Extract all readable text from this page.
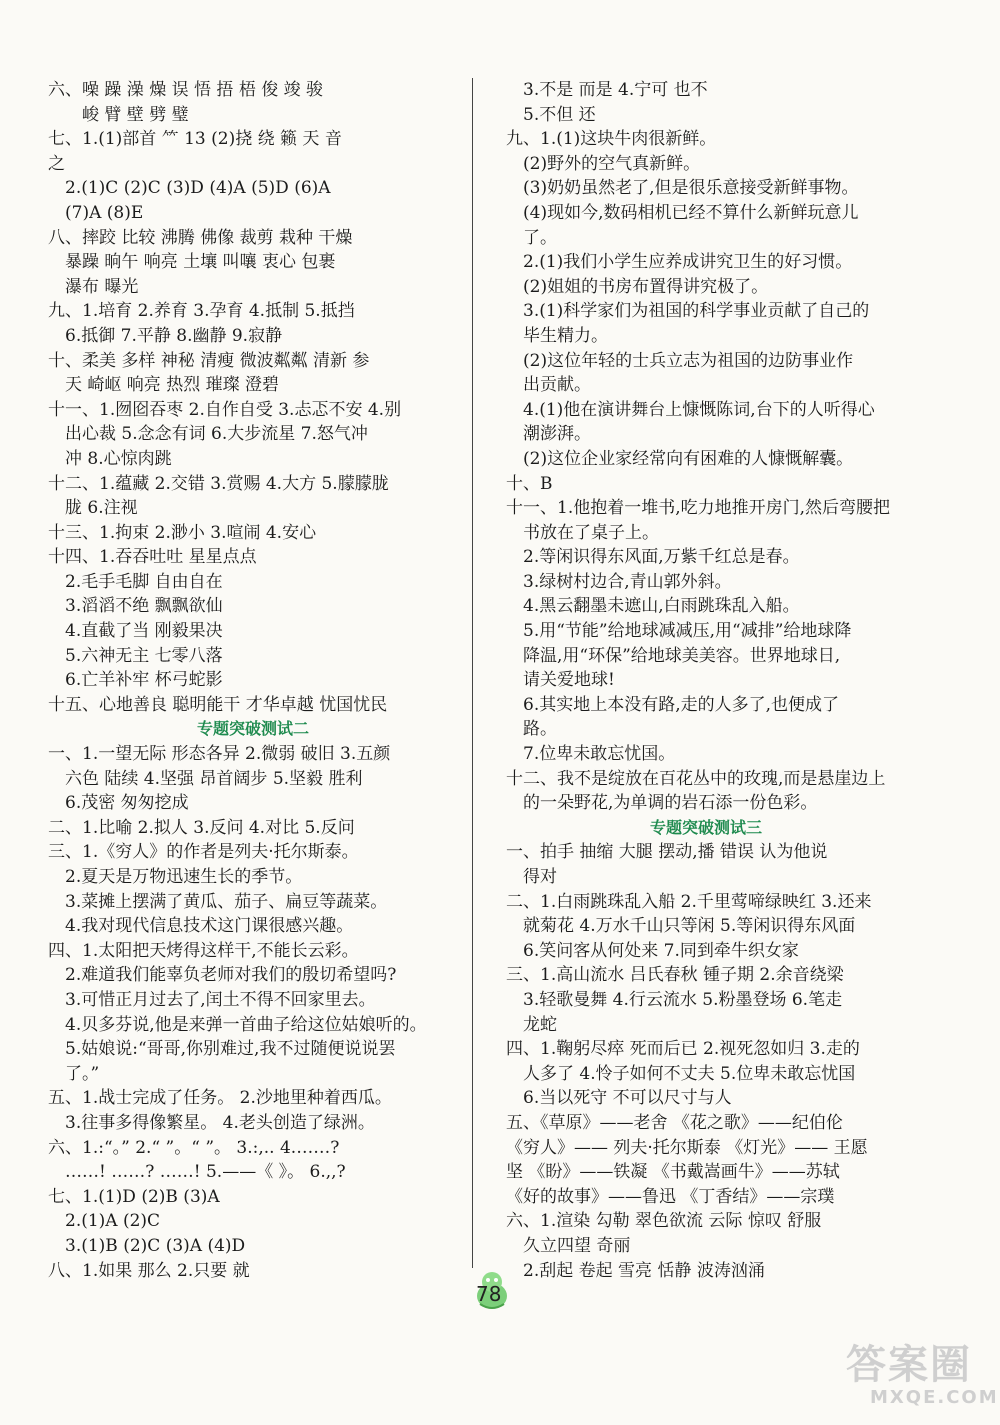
六、噪 躁 澡 燥 误 悟 捂 梧 俊 竣 骏
　　峻 臂 壁 劈 璧
七、1.(1)部首 ⺮ 13 (2)挠 绕 籁 天 音
之
　2.(1)C (2)C (3)D (4)A (5)D (6)A
　(7)A (8)E
八、摔跤 比较 沸腾 佛像 裁剪 栽种 干燥
　暴躁 晌午 响亮 土壤 叫嚷 衷心 包裹
　瀑布 曝光
九、1.培育 2.养育 3.孕育 4.抵制 5.抵挡
　6.抵御 7.平静 8.幽静 9.寂静
十、柔美 多样 神秘 清瘦 微波粼粼 清新 参
　天 崎岖 响亮 热烈 璀璨 澄碧
十一、1.囫囵吞枣 2.自作自受 3.忐忑不安 4.别
　出心裁 5.念念有词 6.大步流星 7.怒气冲
　冲 8.心惊肉跳
十二、1.蕴藏 2.交错 3.赏赐 4.大方 5.朦朦胧
　胧 6.注视
十三、1.拘束 2.渺小 3.喧闹 4.安心
十四、1.吞吞吐吐 星星点点
　2.毛手毛脚 自由自在
　3.滔滔不绝 飘飘欲仙
　4.直截了当 刚毅果决
　5.六神无主 七零八落
　6.亡羊补牢 杯弓蛇影
十五、心地善良 聪明能干 才华卓越 忧国忧民
专题突破测试二
一、1.一望无际 形态各异 2.微弱 破旧 3.五颜
　六色 陆续 4.坚强 昂首阔步 5.坚毅 胜利
　6.茂密 匆匆挖成
二、1.比喻 2.拟人 3.反问 4.对比 5.反问
三、1.《穷人》的作者是列夫·托尔斯泰。
　2.夏天是万物迅速生长的季节。
　3.菜摊上摆满了黄瓜、茄子、扁豆等蔬菜。
　4.我对现代信息技术这门课很感兴趣。
四、1.太阳把天烤得这样干,不能长云彩。
　2.难道我们能辜负老师对我们的殷切希望吗?
　3.可惜正月过去了,闰土不得不回家里去。
　4.贝多芬说,他是来弹一首曲子给这位姑娘听的。
　5.姑娘说:“哥哥,你别难过,我不过随便说说罢
　了。”
五、1.战士完成了任务。 2.沙地里种着西瓜。
　3.往事多得像繁星。 4.老头创造了绿洲。
六、1.:“。” 2.“ ”。“ ”。 3.:,.. 4.……?
　……! ……? ……! 5.——《 》。 6.,,?
七、1.(1)D (2)B (3)A
　2.(1)A (2)C
　3.(1)B (2)C (3)A (4)D
八、1.如果 那么 2.只要 就
　3.不是 而是 4.宁可 也不
　5.不但 还
九、1.(1)这块牛肉很新鲜。
　(2)野外的空气真新鲜。
　(3)奶奶虽然老了,但是很乐意接受新鲜事物。
　(4)现如今,数码相机已经不算什么新鲜玩意儿
　了。
　2.(1)我们小学生应养成讲究卫生的好习惯。
　(2)姐姐的书房布置得讲究极了。
　3.(1)科学家们为祖国的科学事业贡献了自己的
　毕生精力。
　(2)这位年轻的士兵立志为祖国的边防事业作
　出贡献。
　4.(1)他在演讲舞台上慷慨陈词,台下的人听得心
　潮澎湃。
　(2)这位企业家经常向有困难的人慷慨解囊。
十、B
十一、1.他抱着一堆书,吃力地推开房门,然后弯腰把
　书放在了桌子上。
　2.等闲识得东风面,万紫千红总是春。
　3.绿树村边合,青山郭外斜。
　4.黑云翻墨未遮山,白雨跳珠乱入船。
　5.用“节能”给地球减减压,用“减排”给地球降
　降温,用“环保”给地球美美容。世界地球日,
　请关爱地球!
　6.其实地上本没有路,走的人多了,也便成了
　路。
　7.位卑未敢忘忧国。
十二、我不是绽放在百花丛中的玫瑰,而是悬崖边上
　的一朵野花,为单调的岩石添一份色彩。
专题突破测试三
一、拍手 抽缩 大腿 摆动,播 错误 认为他说
　得对
二、1.白雨跳珠乱入船 2.千里莺啼绿映红 3.还来
　就菊花 4.万水千山只等闲 5.等闲识得东风面
　6.笑问客从何处来 7.同到牵牛织女家
三、1.高山流水 吕氏春秋 锺子期 2.余音绕梁
　3.轻歌曼舞 4.行云流水 5.粉墨登场 6.笔走
　龙蛇
四、1.鞠躬尽瘁 死而后已 2.视死忽如归 3.走的
　人多了 4.怜子如何不丈夫 5.位卑未敢忘忧国
　6.当以死守 不可以尺寸与人
五、《草原》——老舍 《花之歌》——纪伯伦
《穷人》—— 列夫·托尔斯泰 《灯光》—— 王愿
坚 《盼》——铁凝 《书戴嵩画牛》——苏轼
《好的故事》——鲁迅 《丁香结》——宗璞
六、1.渲染 勾勒 翠色欲流 云际 惊叹 舒服
　久立四望 奇丽
　2.刮起 卷起 雪亮 恬静 波涛汹涌
78
答案圈
MXQE.COM
